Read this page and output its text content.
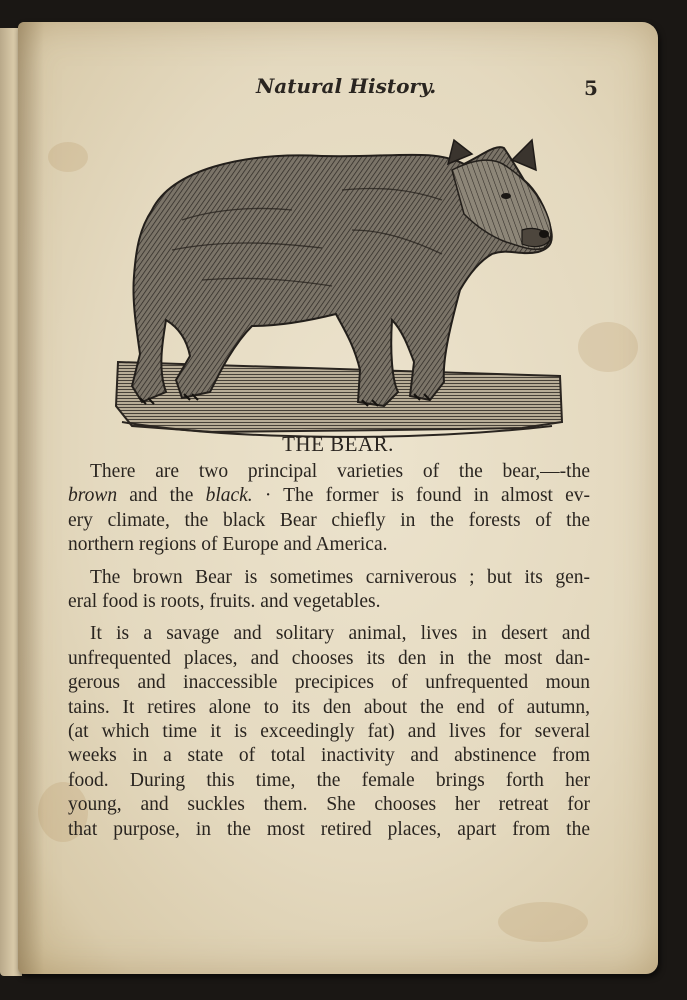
Natural History.	5
THE BEAR.
There are two principal varieties of the bear,—-the
brown and the black. · The former is found in almost ev-
ery climate, the black Bear chiefly in the forests of the
northern regions of Europe and America.
The brown Bear is sometimes carniverous ; but its gen-
eral food is roots, fruits. and vegetables.
It is a savage and solitary animal, lives in desert and
unfrequented places, and chooses its den in the most dan-
gerous and inaccessible precipices of unfrequented moun
tains. It retires alone to its den about the end of autumn,
(at which time it is exceedingly fat) and lives for several
weeks in a state of total inactivity and abstinence from
food. During this time, the female brings forth her
young, and suckles them. She chooses her retreat for
that purpose, in the most retired places, apart from the
